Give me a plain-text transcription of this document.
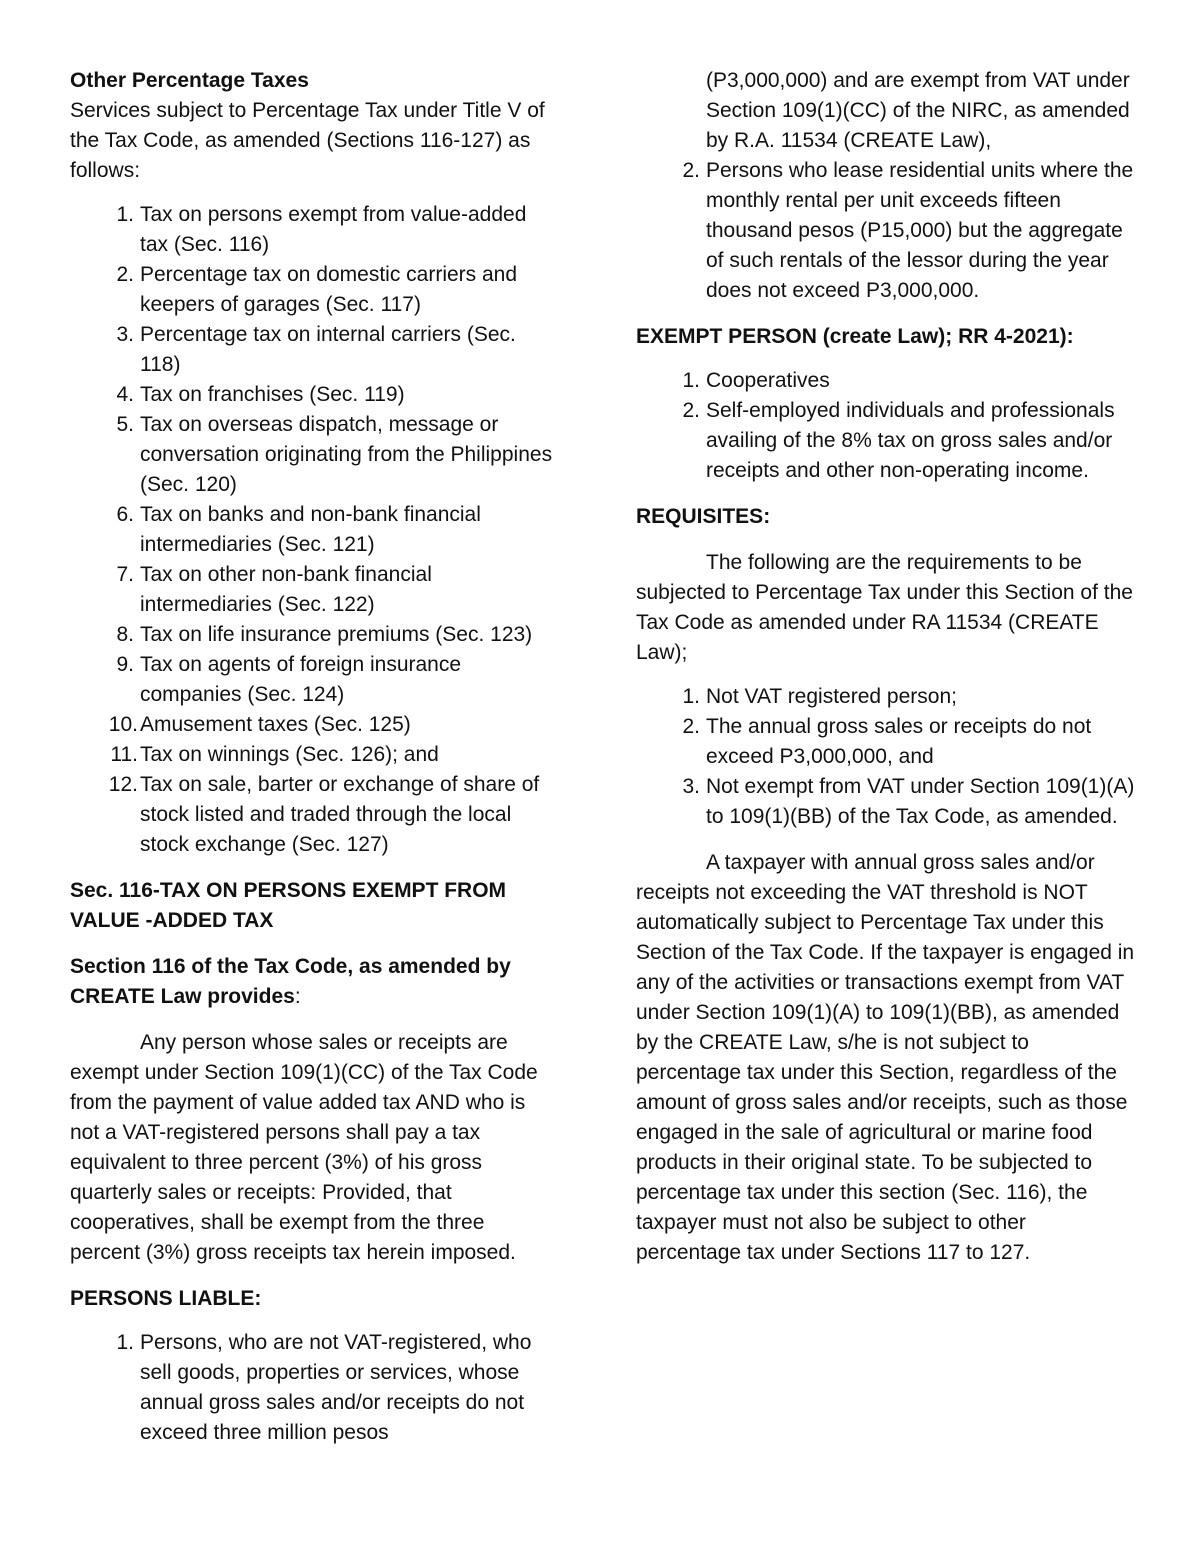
Other Percentage Taxes

Services subject to Percentage Tax under Title V of the Tax Code, as amended (Sections 116-127) as follows:

1. Tax on persons exempt from value-added tax (Sec. 116)
2. Percentage tax on domestic carriers and keepers of garages (Sec. 117)
3. Percentage tax on internal carriers (Sec. 118)
4. Tax on franchises (Sec. 119)
5. Tax on overseas dispatch, message or conversation originating from the Philippines (Sec. 120)
6. Tax on banks and non-bank financial intermediaries (Sec. 121)
7. Tax on other non-bank financial intermediaries (Sec. 122)
8. Tax on life insurance premiums (Sec. 123)
9. Tax on agents of foreign insurance companies (Sec. 124)
10. Amusement taxes (Sec. 125)
11. Tax on winnings (Sec. 126); and
12. Tax on sale, barter or exchange of share of stock listed and traded through the local stock exchange (Sec. 127)

Sec. 116-TAX ON PERSONS EXEMPT FROM VALUE -ADDED TAX

Section 116 of the Tax Code, as amended by CREATE Law provides:

Any person whose sales or receipts are exempt under Section 109(1)(CC) of the Tax Code from the payment of value added tax AND who is not a VAT-registered persons shall pay a tax equivalent to three percent (3%) of his gross quarterly sales or receipts: Provided, that cooperatives, shall be exempt from the three percent (3%) gross receipts tax herein imposed.

PERSONS LIABLE:

1. Persons, who are not VAT-registered, who sell goods, properties or services, whose annual gross sales and/or receipts do not exceed three million pesos
(P3,000,000) and are exempt from VAT under Section 109(1)(CC) of the NIRC, as amended by R.A. 11534 (CREATE Law),
2. Persons who lease residential units where the monthly rental per unit exceeds fifteen thousand pesos (P15,000) but the aggregate of such rentals of the lessor during the year does not exceed P3,000,000.

EXEMPT PERSON (create Law); RR 4-2021):

1. Cooperatives
2. Self-employed individuals and professionals availing of the 8% tax on gross sales and/or receipts and other non-operating income.

REQUISITES:

The following are the requirements to be subjected to Percentage Tax under this Section of the Tax Code as amended under RA 11534 (CREATE Law);

1. Not VAT registered person;
2. The annual gross sales or receipts do not exceed P3,000,000, and
3. Not exempt from VAT under Section 109(1)(A) to 109(1)(BB) of the Tax Code, as amended.

A taxpayer with annual gross sales and/or receipts not exceeding the VAT threshold is NOT automatically subject to Percentage Tax under this Section of the Tax Code. If the taxpayer is engaged in any of the activities or transactions exempt from VAT under Section 109(1)(A) to 109(1)(BB), as amended by the CREATE Law, s/he is not subject to percentage tax under this Section, regardless of the amount of gross sales and/or receipts, such as those engaged in the sale of agricultural or marine food products in their original state. To be subjected to percentage tax under this section (Sec. 116), the taxpayer must not also be subject to other percentage tax under Sections 117 to 127.
